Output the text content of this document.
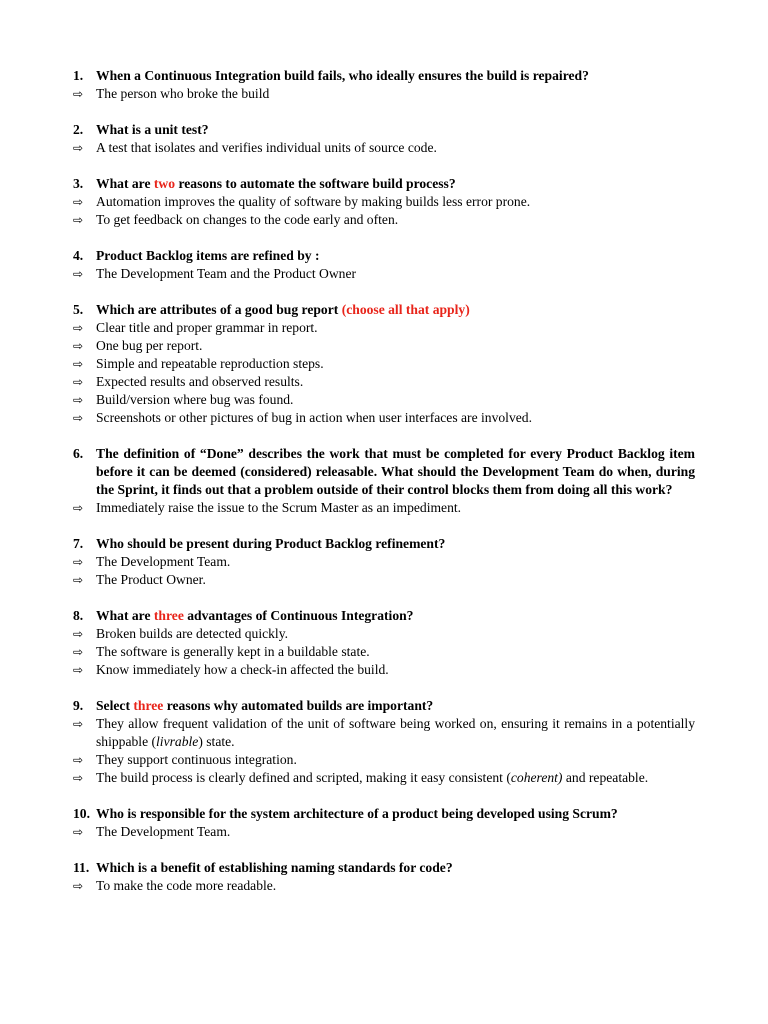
1. When a Continuous Integration build fails, who ideally ensures the build is repaired?
⇨ The person who broke the build
2. What is a unit test?
⇨ A test that isolates and verifies individual units of source code.
3. What are two reasons to automate the software build process?
⇨ Automation improves the quality of software by making builds less error prone.
⇨ To get feedback on changes to the code early and often.
4. Product Backlog items are refined by :
⇨ The Development Team and the Product Owner
5. Which are attributes of a good bug report (choose all that apply)
⇨ Clear title and proper grammar in report.
⇨ One bug per report.
⇨ Simple and repeatable reproduction steps.
⇨ Expected results and observed results.
⇨ Build/version where bug was found.
⇨ Screenshots or other pictures of bug in action when user interfaces are involved.
6. The definition of “Done” describes the work that must be completed for every Product Backlog item before it can be deemed (considered) releasable. What should the Development Team do when, during the Sprint, it finds out that a problem outside of their control blocks them from doing all this work?
⇨ Immediately raise the issue to the Scrum Master as an impediment.
7. Who should be present during Product Backlog refinement?
⇨ The Development Team.
⇨ The Product Owner.
8. What are three advantages of Continuous Integration?
⇨ Broken builds are detected quickly.
⇨ The software is generally kept in a buildable state.
⇨ Know immediately how a check-in affected the build.
9. Select three reasons why automated builds are important?
⇨ They allow frequent validation of the unit of software being worked on, ensuring it remains in a potentially shippable (livrable) state.
⇨ They support continuous integration.
⇨ The build process is clearly defined and scripted, making it easy consistent (coherent) and repeatable.
10. Who is responsible for the system architecture of a product being developed using Scrum?
⇨ The Development Team.
11. Which is a benefit of establishing naming standards for code?
⇨ To make the code more readable.
